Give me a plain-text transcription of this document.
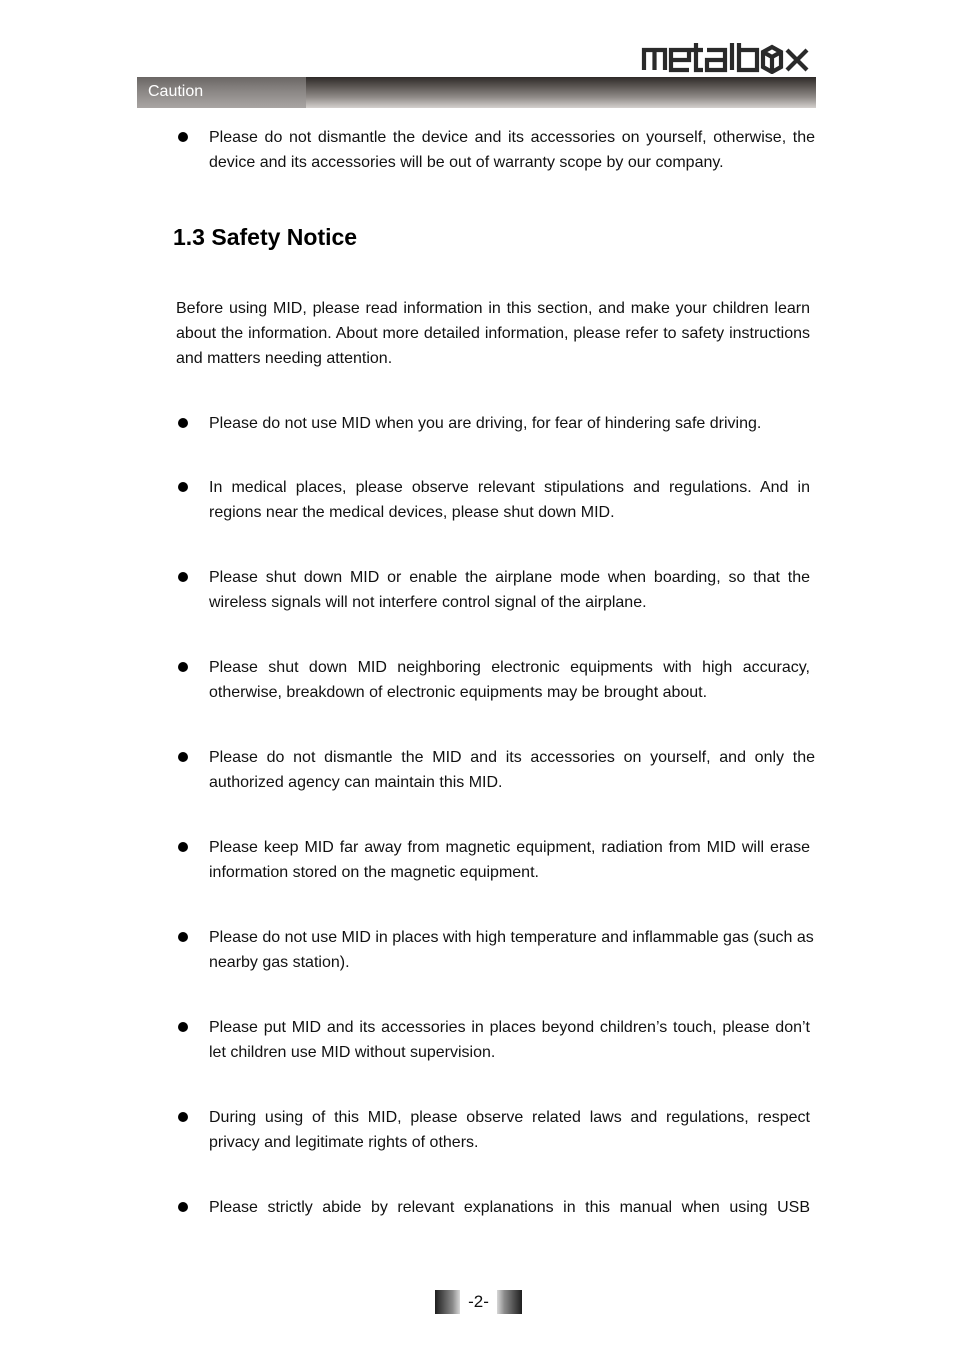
Caution
Please do not dismantle the device and its accessories on yourself, otherwise, the device and its accessories will be out of warranty scope by our company.
1.3 Safety Notice
Before using MID, please read information in this section, and make your children learn about the information. About more detailed information, please refer to safety instructions and matters needing attention.
Please do not use MID when you are driving, for fear of hindering safe driving.
In medical places, please observe relevant stipulations and regulations. And in regions near the medical devices, please shut down MID.
Please shut down MID or enable the airplane mode when boarding, so that the wireless signals will not interfere control signal of the airplane.
Please shut down MID neighboring electronic equipments with high accuracy, otherwise, breakdown of electronic equipments may be brought about.
Please do not dismantle the MID and its accessories on yourself, and only the authorized agency can maintain this MID.
Please keep MID far away from magnetic equipment, radiation from MID will erase information stored on the magnetic equipment.
Please do not use MID in places with high temperature and inflammable gas (such as nearby gas station).
Please put MID and its accessories in places beyond children’s touch, please don’t let children use MID without supervision.
During using of this MID, please observe related laws and regulations, respect privacy and legitimate rights of others.
Please strictly abide by relevant explanations in this manual when using USB
-2-
